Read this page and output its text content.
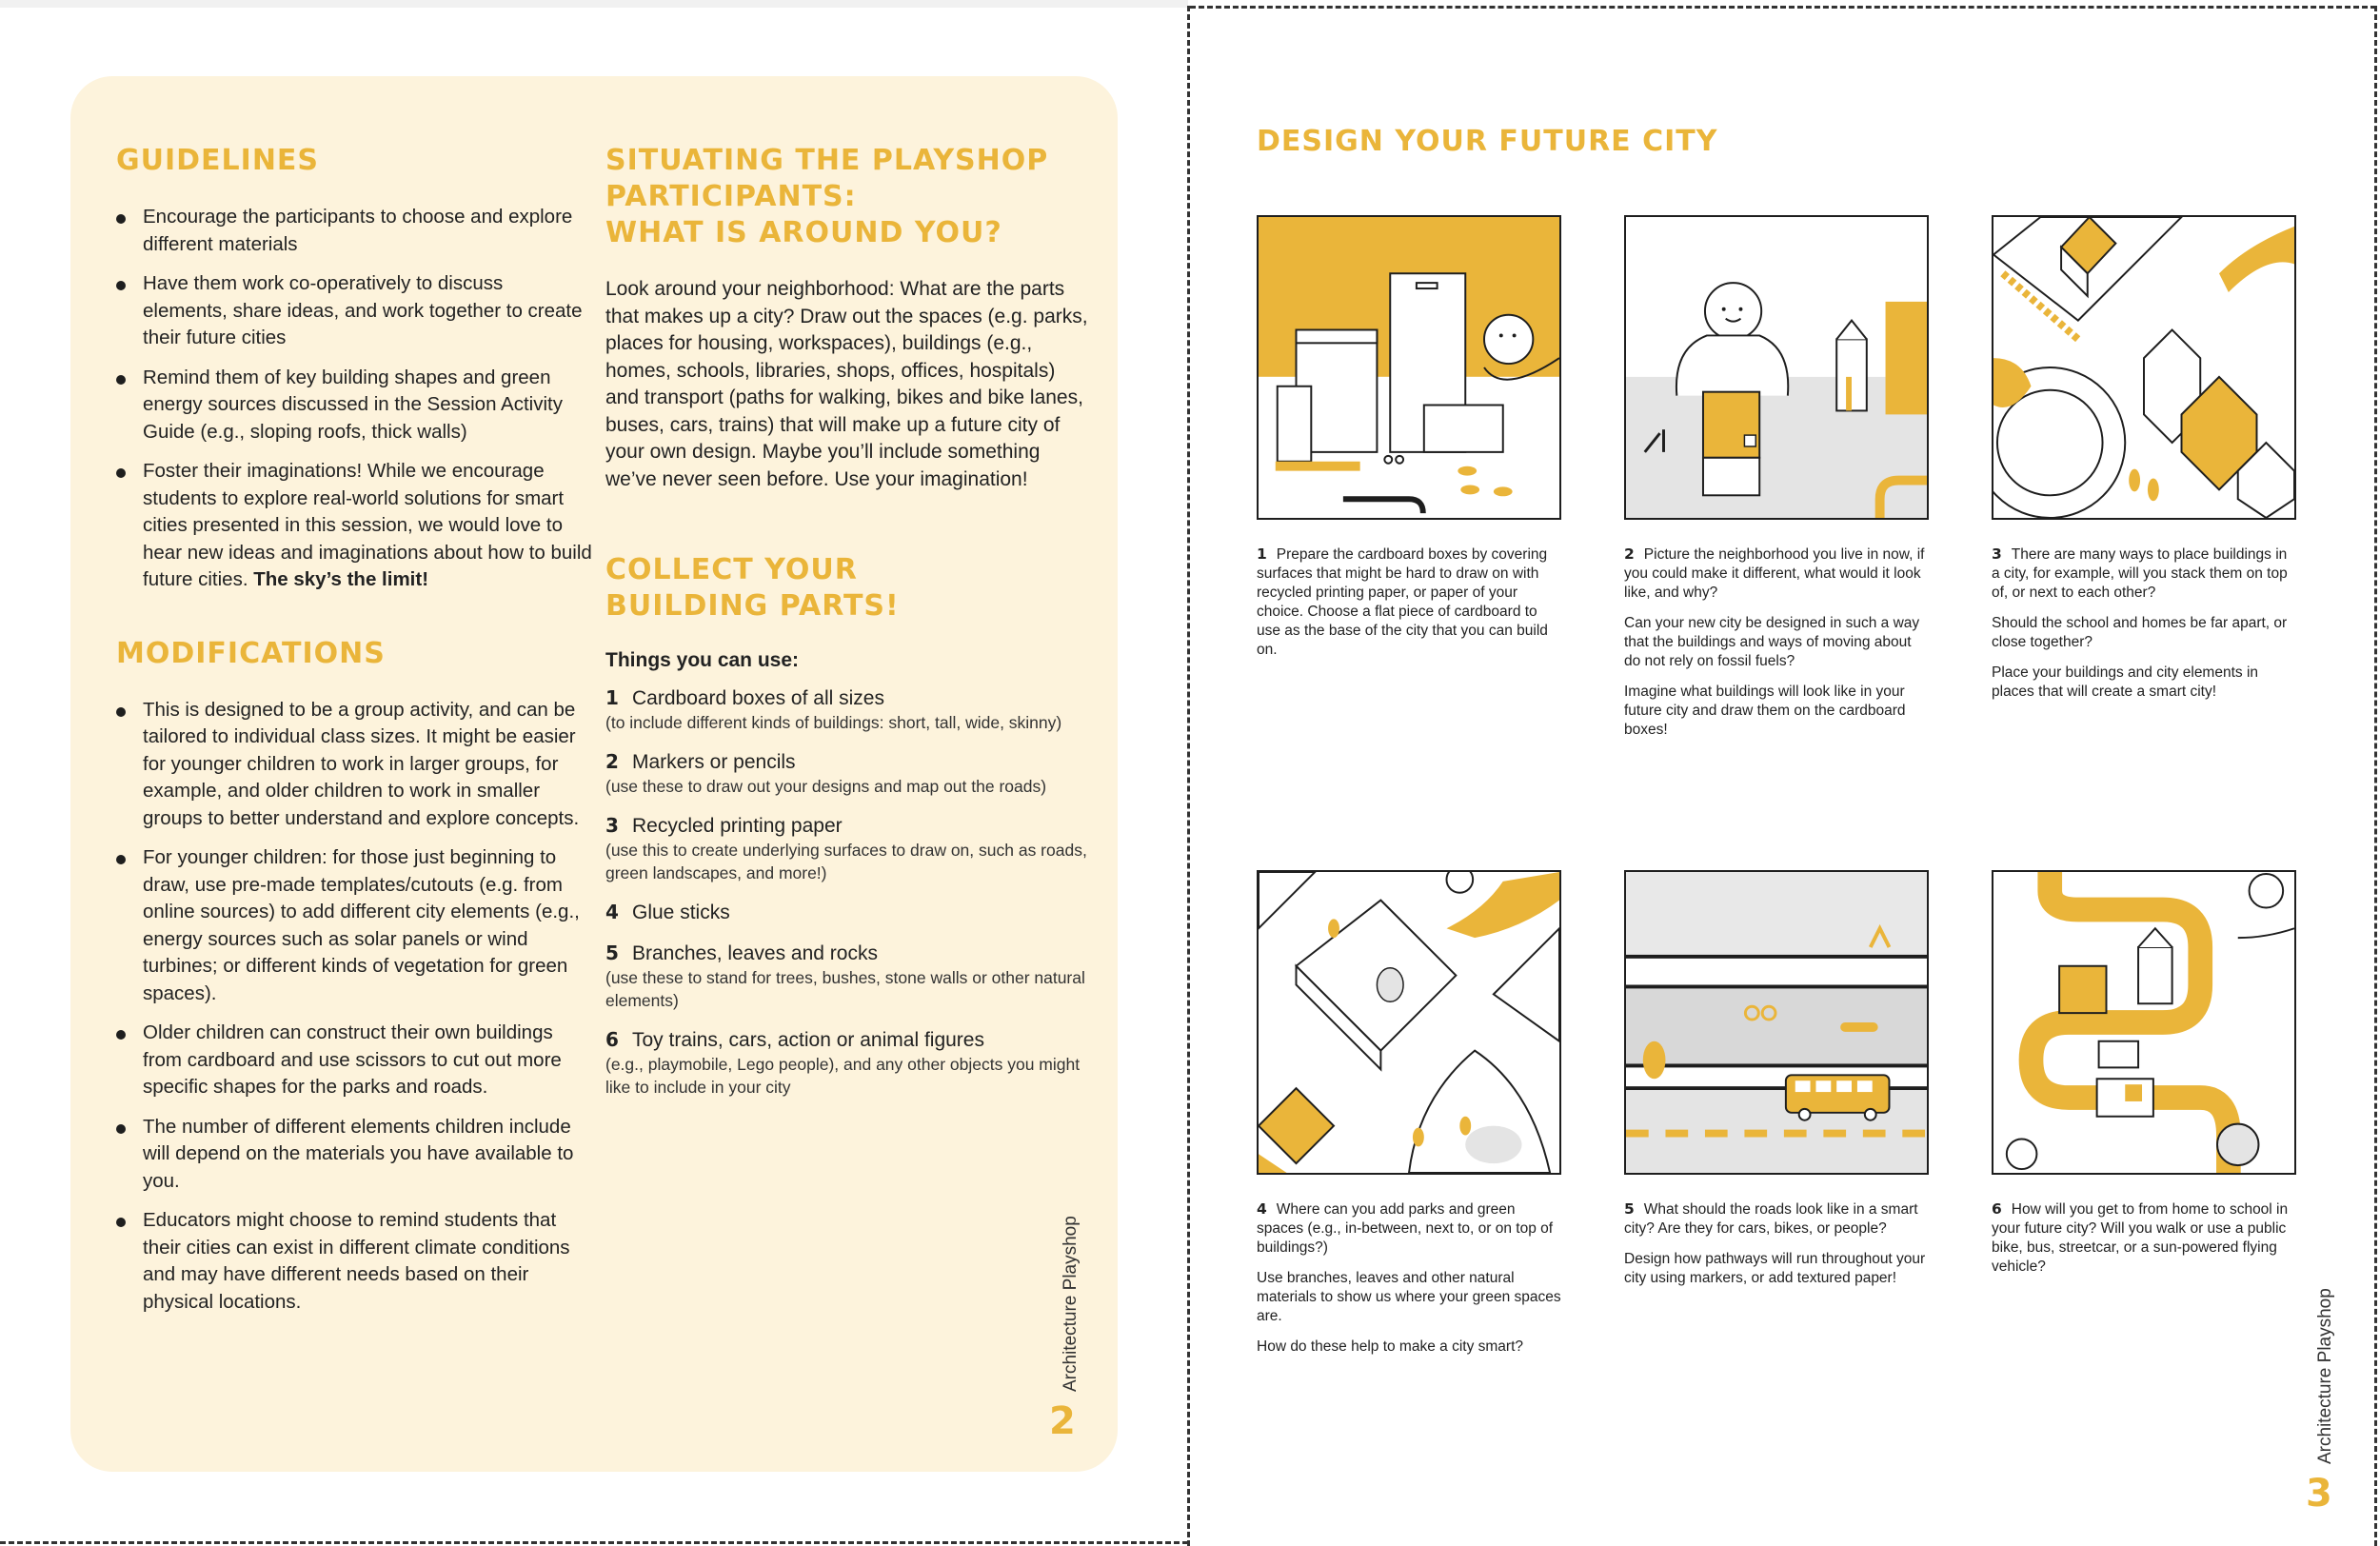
GUIDELINES
Encourage the participants to choose and explore different materials
Have them work co-operatively to discuss elements, share ideas, and work together to create their future cities
Remind them of key building shapes and green energy sources discussed in the Session Activity Guide (e.g., sloping roofs, thick walls)
Foster their imaginations! While we encourage students to explore real-world solutions for smart cities presented in this session, we would love to hear new ideas and imaginations about how to build future cities. The sky’s the limit!
MODIFICATIONS
This is designed to be a group activity, and can be tailored to individual class sizes. It might be easier for younger children to work in larger groups, for example, and older children to work in smaller groups to better understand and explore concepts.
For younger children: for those just beginning to draw, use pre-made templates/cutouts (e.g. from online sources) to add different city elements (e.g., energy sources such as solar panels or wind turbines; or different kinds of vegetation for green spaces).
Older children can construct their own buildings from cardboard and use scissors to cut out more specific shapes for the parks and roads.
The number of different elements children include will depend on the materials you have available to you.
Educators might choose to remind students that their cities can exist in different climate conditions and may have different needs based on their physical locations.
SITUATING THE PLAYSHOP
PARTICIPANTS:
WHAT IS AROUND YOU?

Look around your neighborhood: What are the parts that makes up a city? Draw out the spaces (e.g. parks, places for housing, workspaces), buildings (e.g., homes, schools, libraries, shops, offices, hospitals) and transport (paths for walking, bikes and bike lanes, buses, cars, trains) that will make up a future city of your own design. Maybe you’ll include something we’ve never seen before. Use your imagination!

COLLECT YOUR
BUILDING PARTS!

Things you can use:

1 Cardboard boxes of all sizes
(to include different kinds of buildings: short, tall, wide, skinny)
2 Markers or pencils
(use these to draw out your designs and map out the roads)
3 Recycled printing paper
(use this to create underlying surfaces to draw on, such as roads, green landscapes, and more!)
4 Glue sticks
5 Branches, leaves and rocks
(use these to stand for trees, bushes, stone walls or other natural elements)
6 Toy trains, cars, action or animal figures
(e.g., playmobile, Lego people), and any other objects you might like to include in your city
Architecture Playshop
2
DESIGN YOUR FUTURE CITY

1 Prepare the cardboard boxes by covering surfaces that might be hard to draw on with recycled printing paper, or paper of your choice. Choose a flat piece of cardboard to use as the base of the city that you can build on.

2 Picture the neighborhood you live in now, if you could make it different, what would it look like, and why?

Can your new city be designed in such a way that the buildings and ways of moving about do not rely on fossil fuels?

Imagine what buildings will look like in your future city and draw them on the cardboard boxes!

3 There are many ways to place buildings in a city, for example, will you stack them on top of, or next to each other?

Should the school and homes be far apart, or close together?

Place your buildings and city elements in places that will create a smart city!

4 Where can you add parks and green spaces (e.g., in-between, next to, or on top of buildings?)

Use branches, leaves and other natural materials to show us where your green spaces are.

How do these help to make a city smart?

5 What should the roads look like in a smart city? Are they for cars, bikes, or people?

Design how pathways will run throughout your city using markers, or add textured paper!

6 How will you get to from home to school in your future city? Will you walk or use a public bike, bus, streetcar, or a sun-powered flying vehicle?

Architecture Playshop
3
